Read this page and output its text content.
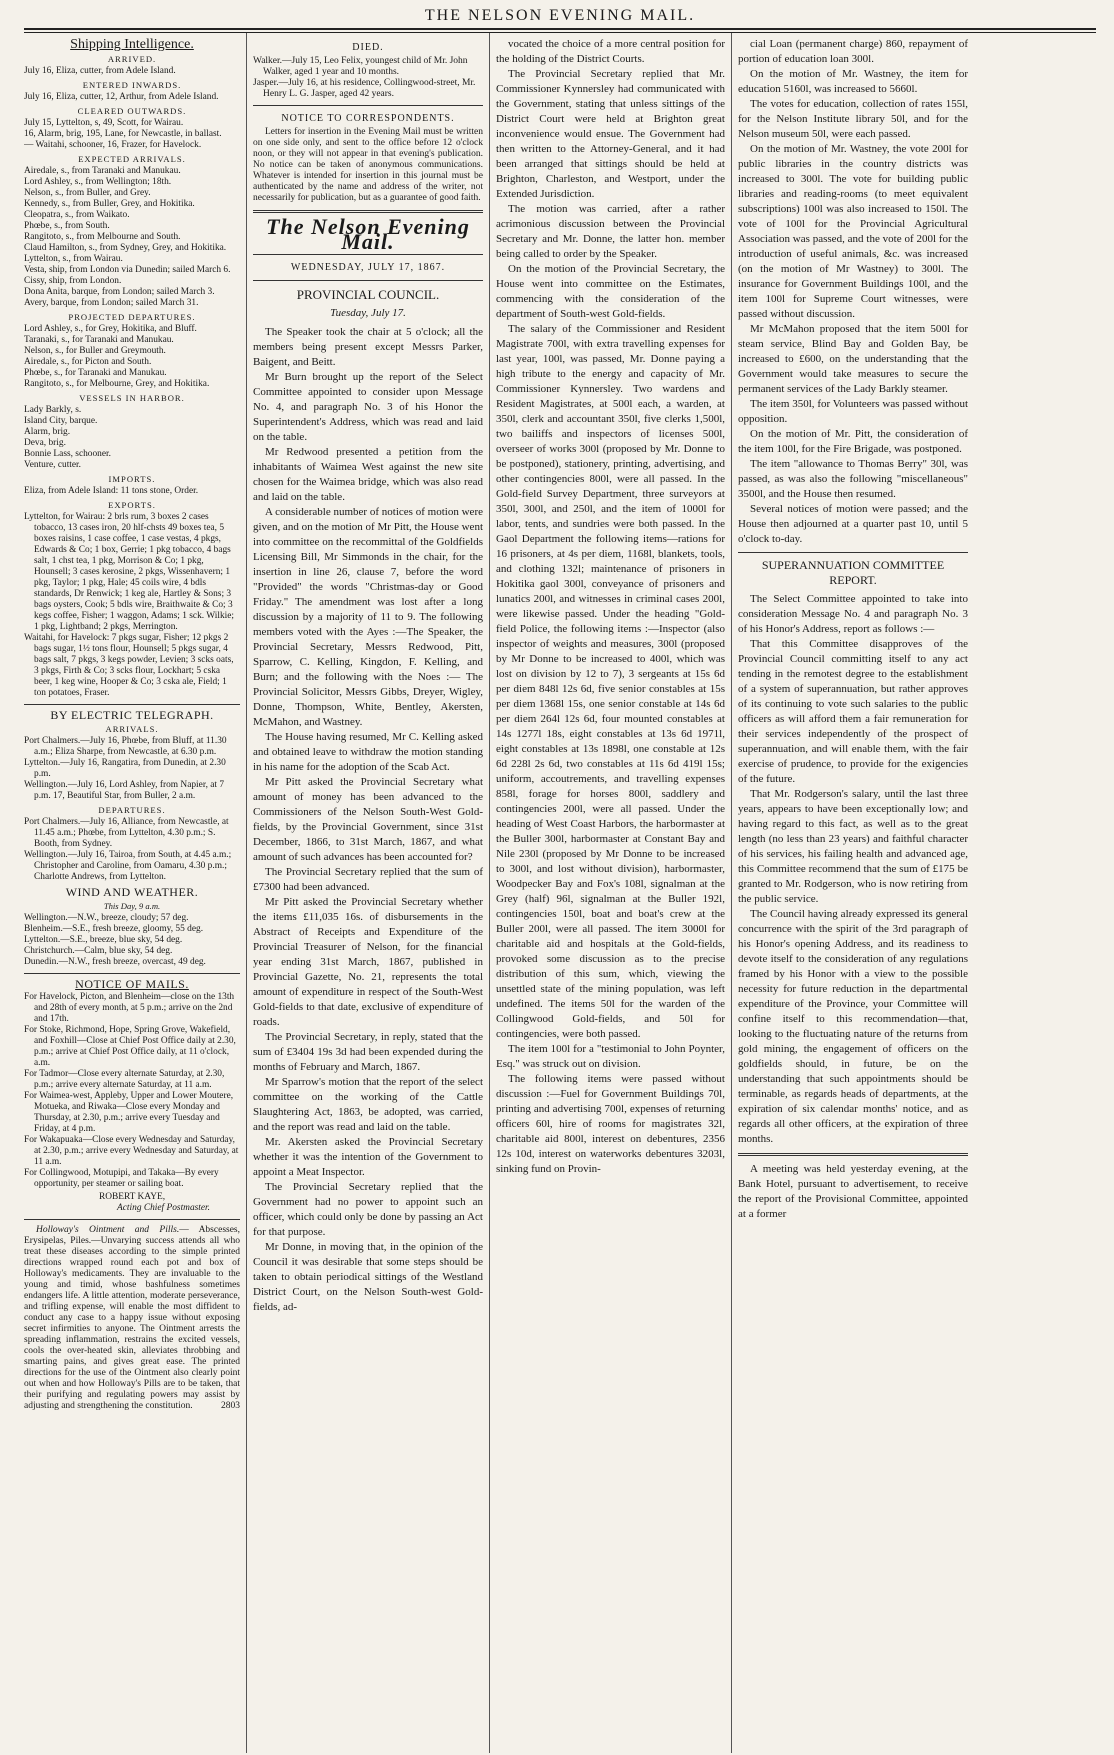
THE NELSON EVENING MAIL.
Shipping Intelligence.
ARRIVED.
July 16, Eliza, cutter, from Adele Island.
ENTERED INWARDS.
July 16, Eliza, cutter, 12, Arthur, from Adele Island.
CLEARED OUTWARDS.
July 15, Lyttelton, s, 49, Scott, for Wairau.
16, Alarm, brig, 195, Lane, for Newcastle, in ballast.
— Waitahi, schooner, 16, Frazer, for Havelock.
EXPECTED ARRIVALS.
Airedale, s., from Taranaki and Manukau.
Lord Ashley, s., from Wellington; 18th.
Nelson, s., from Buller, and Grey.
Kennedy, s., from Buller, Grey, and Hokitika.
Cleopatra, s., from Waikato.
Phœbe, s., from South.
Rangitoto, s., from Melbourne and South.
Claud Hamilton, s., from Sydney, Grey, and Hokitika.
Lyttelton, s., from Wairau.
Vesta, ship, from London via Dunedin; sailed March 6.
Cissy, ship, from London.
Dona Anita, barque, from London; sailed March 3.
Avery, barque, from London; sailed March 31.
PROJECTED DEPARTURES.
Lord Ashley, s., for Grey, Hokitika, and Bluff.
Taranaki, s., for Taranaki and Manukau.
Nelson, s., for Buller and Greymouth.
Airedale, s., for Picton and South.
Phœbe, s., for Taranaki and Manukau.
Rangitoto, s., for Melbourne, Grey, and Hokitika.
VESSELS IN HARBOR.
Lady Barkly, s.
Island City, barque.
Alarm, brig.
Deva, brig.
Bonnie Lass, schooner.
Venture, cutter.
IMPORTS.
Eliza, from Adele Island: 11 tons stone, Order.
EXPORTS.
Lyttelton, for Wairau: 2 brls rum, 3 boxes 2 cases tobacco, 13 cases iron, 20 hlf-chsts 49 boxes tea, 5 boxes raisins, 1 case coffee, 1 case vestas, 4 pkgs, Edwards & Co; 1 box, Gerrie; 1 pkg tobacco, 4 bags salt, 1 chst tea, 1 pkg, Morrison & Co; 1 pkg, Hounsell; 3 cases kerosine, 2 pkgs, Wissenhavern; 1 pkg, Taylor; 1 pkg, Hale; 45 coils wire, 4 bdls standards, Dr Renwick; 1 keg ale, Hartley & Sons; 3 bags oysters, Cook; 5 bdls wire, Braithwaite & Co; 3 kegs coffee, Fisher; 1 waggon, Adams; 1 sck. Wilkie; 1 pkg, Lightband; 2 pkgs, Merrington.
Waitahi, for Havelock: 7 pkgs sugar, Fisher; 12 pkgs 2 bags sugar, 1½ tons flour, Hounsell; 5 pkgs sugar, 4 bags salt, 7 pkgs, 3 kegs powder, Levien; 3 scks oats, 3 pkgs, Firth & Co; 3 scks flour, Lockhart; 5 cska beer, 1 keg wine, Hooper & Co; 3 cska ale, Field; 1 ton potatoes, Fraser.
BY ELECTRIC TELEGRAPH.
ARRIVALS.
Port Chalmers.—July 16, Phœbe, from Bluff, at 11.30 a.m.; Eliza Sharpe, from Newcastle, at 6.30 p.m.
Lyttelton.—July 16, Rangatira, from Dunedin, at 2.30 p.m.
Wellington.—July 16, Lord Ashley, from Napier, at 7 p.m. 17, Beautiful Star, from Buller, 2 a.m.
DEPARTURES.
Port Chalmers.—July 16, Alliance, from Newcastle, at 11.45 a.m.; Phœbe, from Lyttelton, 4.30 p.m.; S. Booth, from Sydney.
Wellington.—July 16, Tairoa, from South, at 4.45 a.m.; Christopher and Caroline, from Oamaru, 4.30 p.m.; Charlotte Andrews, from Lyttelton.
WIND AND WEATHER.
This Day, 9 a.m.
Wellington.—N.W., breeze, cloudy; 57 deg.
Blenheim.—S.E., fresh breeze, gloomy, 55 deg.
Lyttelton.—S.E., breeze, blue sky, 54 deg.
Christchurch.—Calm, blue sky, 54 deg.
Dunedin.—N.W., fresh breeze, overcast, 49 deg.
NOTICE OF MAILS.
For Havelock, Picton, and Blenheim—close on the 13th and 28th of every month, at 5 p.m.; arrive on the 2nd and 17th.
For Stoke, Richmond, Hope, Spring Grove, Wakefield, and Foxhill—Close at Chief Post Office daily at 2.30, p.m.; arrive at Chief Post Office daily, at 11 o'clock, a.m.
For Tadmor—Close every alternate Saturday, at 2.30, p.m.; arrive every alternate Saturday, at 11 a.m.
For Waimea-west, Appleby, Upper and Lower Moutere, Motueka, and Riwaka—Close every Monday and Thursday, at 2.30, p.m.; arrive every Tuesday and Friday, at 4 p.m.
For Wakapuaka—Close every Wednesday and Saturday, at 2.30, p.m.; arrive every Wednesday and Saturday, at 11 a.m.
For Collingwood, Motupipi, and Takaka—By every opportunity, per steamer or sailing boat.
ROBERT KAYE,
Acting Chief Postmaster.

Holloway's Ointment and Pills.— Abscesses, Erysipelas, Piles.—Unvarying success attends all who treat these diseases according to the simple printed directions wrapped round each pot and box of Holloway's medicaments. They are invaluable to the young and timid, whose bashfulness sometimes endangers life. A little attention, moderate perseverance, and trifling expense, will enable the most diffident to conduct any case to a happy issue without exposing secret infirmities to anyone. The Ointment arrests the spreading inflammation, restrains the excited vessels, cools the over-heated skin, alleviates throbbing and smarting pains, and gives great ease. The printed directions for the use of the Ointment also clearly point out when and how Holloway's Pills are to be taken, that their purifying and regulating powers may assist by adjusting and strengthening the constitution.	2803

DIED.
Walker.—July 15, Leo Felix, youngest child of Mr. John Walker, aged 1 year and 10 months.
Jasper.—July 16, at his residence, Collingwood-street, Mr. Henry L. G. Jasper, aged 42 years.
NOTICE TO CORRESPONDENTS.

Letters for insertion in the Evening Mail must be written on one side only, and sent to the office before 12 o'clock noon, or they will not appear in that evening's publication. No notice can be taken of anonymous communications. Whatever is intended for insertion in this journal must be authenticated by the name and address of the writer, not necessarily for publication, but as a guarantee of good faith.

The Nelson Evening Mail.
WEDNESDAY, JULY 17, 1867.
PROVINCIAL COUNCIL.
Tuesday, July 17.

The Speaker took the chair at 5 o'clock; all the members being present except Messrs Parker, Baigent, and Beitt.

Mr Burn brought up the report of the Select Committee appointed to consider upon Message No. 4, and paragraph No. 3 of his Honor the Superintendent's Address, which was read and laid on the table.

Mr Redwood presented a petition from the inhabitants of Waimea West against the new site chosen for the Waimea bridge, which was also read and laid on the table.

A considerable number of notices of motion were given, and on the motion of Mr Pitt, the House went into committee on the recommittal of the Goldfields Licensing Bill, Mr Simmonds in the chair, for the insertion in line 26, clause 7, before the word "Provided" the words "Christmas-day or Good Friday." The amendment was lost after a long discussion by a majority of 11 to 9. The following members voted with the Ayes :—The Speaker, the Provincial Secretary, Messrs Redwood, Pitt, Sparrow, C. Kelling, Kingdon, F. Kelling, and Burn; and the following with the Noes :— The Provincial Solicitor, Messrs Gibbs, Dreyer, Wigley, Donne, Thompson, White, Bentley, Akersten, McMahon, and Wastney.

The House having resumed, Mr C. Kelling asked and obtained leave to withdraw the motion standing in his name for the adoption of the Scab Act.

Mr Pitt asked the Provincial Secretary what amount of money has been advanced to the Commissioners of the Nelson South-West Gold-fields, by the Provincial Government, since 31st December, 1866, to 31st March, 1867, and what amount of such advances has been accounted for?

The Provincial Secretary replied that the sum of £7300 had been advanced.

Mr Pitt asked the Provincial Secretary whether the items £11,035 16s. of disbursements in the Abstract of Receipts and Expenditure of the Provincial Treasurer of Nelson, for the financial year ending 31st March, 1867, published in Provincial Gazette, No. 21, represents the total amount of expenditure in respect of the South-West Gold-fields to that date, exclusive of expenditure of roads.

The Provincial Secretary, in reply, stated that the sum of £3404 19s 3d had been expended during the months of February and March, 1867.

Mr Sparrow's motion that the report of the select committee on the working of the Cattle Slaughtering Act, 1863, be adopted, was carried, and the report was read and laid on the table.

Mr. Akersten asked the Provincial Secretary whether it was the intention of the Government to appoint a Meat Inspector.

The Provincial Secretary replied that the Government had no power to appoint such an officer, which could only be done by passing an Act for that purpose.

Mr Donne, in moving that, in the opinion of the Council it was desirable that some steps should be taken to obtain periodical sittings of the Westland District Court, on the Nelson South-west Gold-fields, ad-

vocated the choice of a more central position for the holding of the District Courts.

The Provincial Secretary replied that Mr. Commissioner Kynnersley had communicated with the Government, stating that unless sittings of the District Court were held at Brighton great inconvenience would ensue. The Government had then written to the Attorney-General, and it had been arranged that sittings should be held at Brighton, Charleston, and Westport, under the Extended Jurisdiction.

The motion was carried, after a rather acrimonious discussion between the Provincial Secretary and Mr. Donne, the latter hon. member being called to order by the Speaker.

On the motion of the Provincial Secretary, the House went into committee on the Estimates, commencing with the consideration of the department of South-west Gold-fields.

The salary of the Commissioner and Resident Magistrate 700l, with extra travelling expenses for last year, 100l, was passed, Mr. Donne paying a high tribute to the energy and capacity of Mr. Commissioner Kynnersley. Two wardens and Resident Magistrates, at 500l each, a warden, at 350l, clerk and accountant 350l, five clerks 1,500l, two bailiffs and inspectors of licenses 500l, overseer of works 300l (proposed by Mr. Donne to be postponed), stationery, printing, advertising, and other contingencies 800l, were all passed. In the Gold-field Survey Department, three surveyors at 350l, 300l, and 250l, and the item of 1000l for labor, tents, and sundries were both passed. In the Gaol Department the following items—rations for 16 prisoners, at 4s per diem, 1168l, blankets, tools, and clothing 132l; maintenance of prisoners in Hokitika gaol 300l, conveyance of prisoners and lunatics 200l, and witnesses in criminal cases 200l, were likewise passed. Under the heading "Gold-field Police, the following items :—Inspector (also inspector of weights and measures, 300l (proposed by Mr Donne to be increased to 400l, which was lost on division by 12 to 7), 3 sergeants at 15s 6d per diem 848l 12s 6d, five senior constables at 15s per diem 1368l 15s, one senior constable at 14s 6d per diem 264l 12s 6d, four mounted constables at 14s 1277l 18s, eight constables at 13s 6d 1971l, eight constables at 13s 1898l, one constable at 12s 6d 228l 2s 6d, two constables at 11s 6d 419l 15s; uniform, accoutrements, and travelling expenses 858l, forage for horses 800l, saddlery and contingencies 200l, were all passed. Under the heading of West Coast Harbors, the harbormaster at the Buller 300l, harbormaster at Constant Bay and Nile 230l (proposed by Mr Donne to be increased to 300l, and lost without division), harbormaster, Woodpecker Bay and Fox's 108l, signalman at the Grey (half) 96l, signalman at the Buller 192l, contingencies 150l, boat and boat's crew at the Buller 200l, were all passed. The item 3000l for charitable aid and hospitals at the Gold-fields, provoked some discussion as to the precise distribution of this sum, which, viewing the unsettled state of the mining population, was left undefined. The items 50l for the warden of the Collingwood Gold-fields, and 50l for contingencies, were both passed.

The item 100l for a "testimonial to John Poynter, Esq." was struck out on division.

The following items were passed without discussion :—Fuel for Government Buildings 70l, printing and advertising 700l, expenses of returning officers 60l, hire of rooms for magistrates 32l, charitable aid 800l, interest on debentures, 2356 12s 10d, interest on waterworks debentures 3203l, sinking fund on Provin-

cial Loan (permanent charge) 860, repayment of portion of education loan 300l.

On the motion of Mr. Wastney, the item for education 5160l, was increased to 5660l.

The votes for education, collection of rates 155l, for the Nelson Institute library 50l, and for the Nelson museum 50l, were each passed.

On the motion of Mr. Wastney, the vote 200l for public libraries in the country districts was increased to 300l. The vote for building public libraries and reading-rooms (to meet equivalent subscriptions) 100l was also increased to 150l. The vote of 100l for the Provincial Agricultural Association was passed, and the vote of 200l for the introduction of useful animals, &c. was increased (on the motion of Mr Wastney) to 300l. The insurance for Government Buildings 100l, and the item 100l for Supreme Court witnesses, were passed without discussion.

Mr McMahon proposed that the item 500l for steam service, Blind Bay and Golden Bay, be increased to £600, on the understanding that the Government would take measures to secure the permanent services of the Lady Barkly steamer.

The item 350l, for Volunteers was passed without opposition.

On the motion of Mr. Pitt, the consideration of the item 100l, for the Fire Brigade, was postponed.

The item "allowance to Thomas Berry" 30l, was passed, as was also the following "miscellaneous" 3500l, and the House then resumed.

Several notices of motion were passed; and the House then adjourned at a quarter past 10, until 5 o'clock to-day.

SUPERANNUATION COMMITTEE REPORT.

The Select Committee appointed to take into consideration Message No. 4 and paragraph No. 3 of his Honor's Address, report as follows :—

That this Committee disapproves of the Provincial Council committing itself to any act tending in the remotest degree to the establishment of a system of superannuation, but rather approves of its continuing to vote such salaries to the public officers as will afford them a fair remuneration for their services independently of the prospect of superannuation, and will enable them, with the fair exercise of prudence, to provide for the exigencies of the future.

That Mr. Rodgerson's salary, until the last three years, appears to have been exceptionally low; and having regard to this fact, as well as to the great length (no less than 23 years) and faithful character of his services, his failing health and advanced age, this Committee recommend that the sum of £175 be granted to Mr. Rodgerson, who is now retiring from the public service.

The Council having already expressed its general concurrence with the spirit of the 3rd paragraph of his Honor's opening Address, and its readiness to devote itself to the consideration of any regulations framed by his Honor with a view to the possible necessity for future reduction in the departmental expenditure of the Province, your Committee will confine itself to this recommendation—that, looking to the fluctuating nature of the returns from gold mining, the engagement of officers on the goldfields should, in future, be on the understanding that such appointments should be terminable, as regards heads of departments, at the expiration of six calendar months' notice, and as regards all other officers, at the expiration of three months.

A meeting was held yesterday evening, at the Bank Hotel, pursuant to advertisement, to receive the report of the Provisional Committee, appointed at a former
